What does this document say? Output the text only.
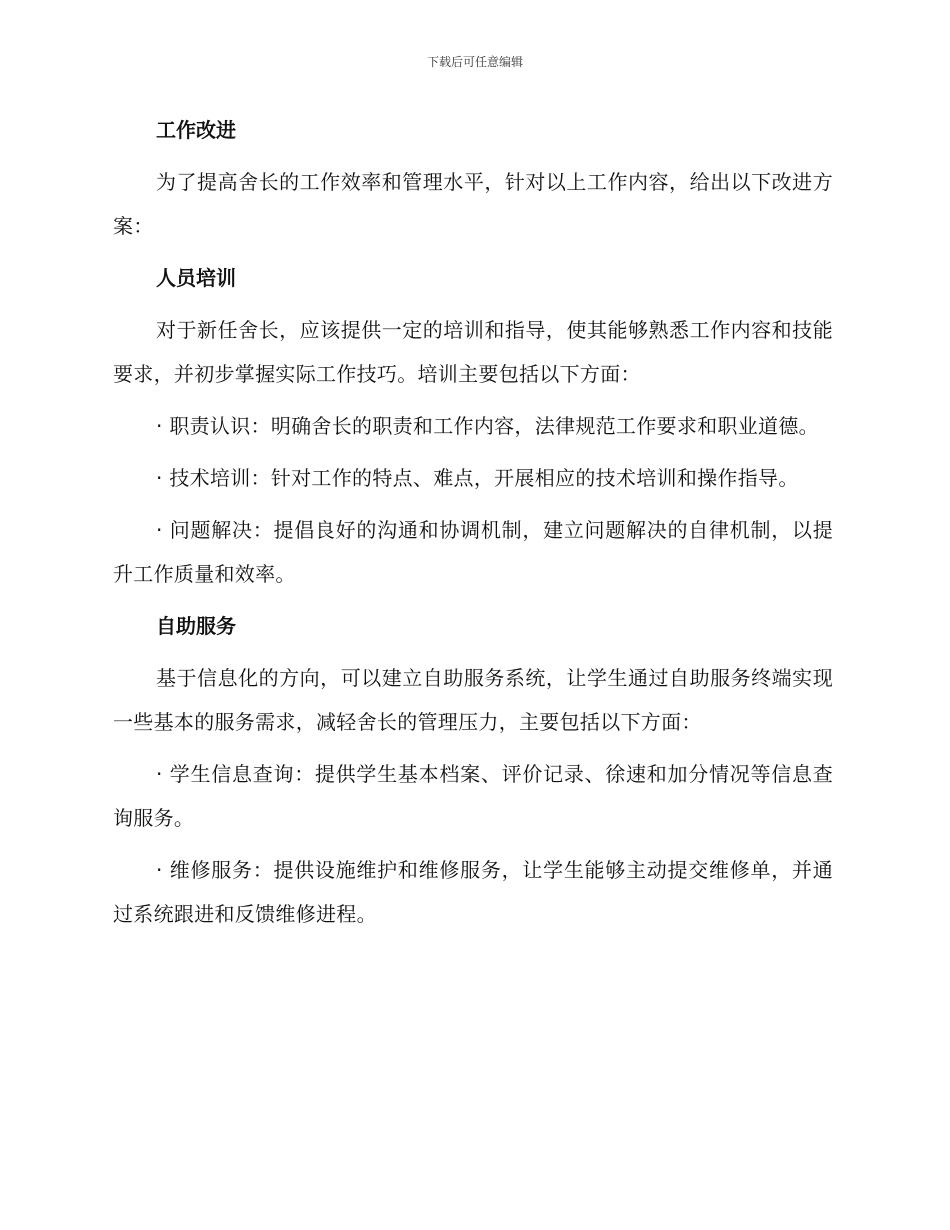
下载后可任意编辑
工作改进

为了提高舍长的工作效率和管理水平，针对以上工作内容，给出以下改进方案：

人员培训

对于新任舍长，应该提供一定的培训和指导，使其能够熟悉工作内容和技能要求，并初步掌握实际工作技巧。培训主要包括以下方面：

· 职责认识：明确舍长的职责和工作内容，法律规范工作要求和职业道德。

· 技术培训：针对工作的特点、难点，开展相应的技术培训和操作指导。

· 问题解决：提倡良好的沟通和协调机制，建立问题解决的自律机制，以提升工作质量和效率。

自助服务

基于信息化的方向，可以建立自助服务系统，让学生通过自助服务终端实现一些基本的服务需求，减轻舍长的管理压力，主要包括以下方面：

· 学生信息查询：提供学生基本档案、评价记录、徐速和加分情况等信息查询服务。

· 维修服务：提供设施维护和维修服务，让学生能够主动提交维修单，并通过系统跟进和反馈维修进程。
